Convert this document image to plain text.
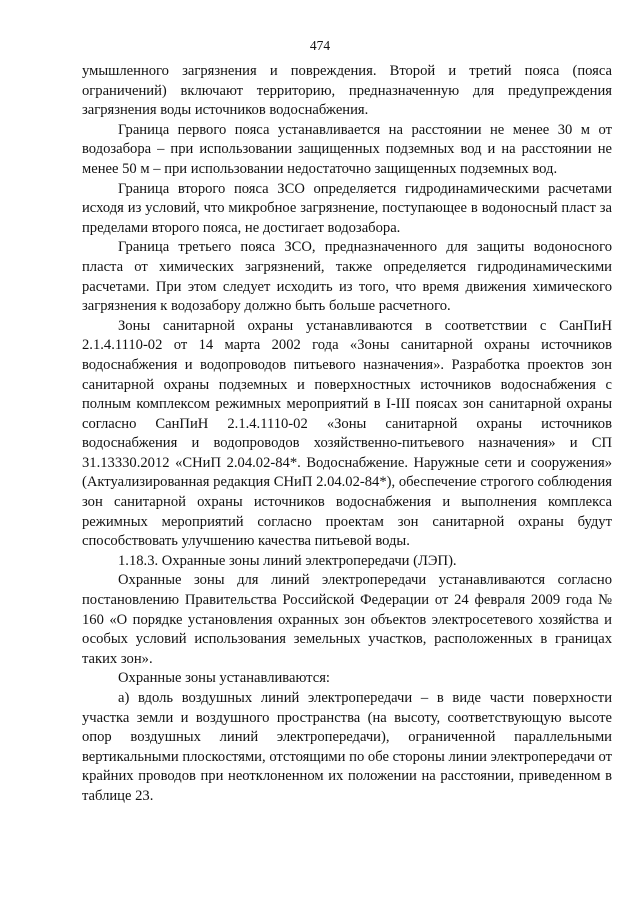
474

умышленного загрязнения и повреждения. Второй и третий пояса (пояса ограничений) включают территорию, предназначенную для предупреждения загрязнения воды источников водоснабжения.

Граница первого пояса устанавливается на расстоянии не менее 30 м от водозабора – при использовании защищенных подземных вод и на расстоянии не менее 50 м – при использовании недостаточно защищенных подземных вод.

Граница второго пояса ЗСО определяется гидродинамическими расчетами исходя из условий, что микробное загрязнение, поступающее в водоносный пласт за пределами второго пояса, не достигает водозабора.

Граница третьего пояса ЗСО, предназначенного для защиты водоносного пласта от химических загрязнений, также определяется гидродинамическими расчетами. При этом следует исходить из того, что время движения химического загрязнения к водозабору должно быть больше расчетного.

Зоны санитарной охраны устанавливаются в соответствии с СанПиН 2.1.4.1110-02 от 14 марта 2002 года «Зоны санитарной охраны источников водоснабжения и водопроводов питьевого назначения». Разработка проектов зон санитарной охраны подземных и поверхностных источников водоснабжения с полным комплексом режимных мероприятий в I-III поясах зон санитарной охраны согласно СанПиН 2.1.4.1110-02 «Зоны санитарной охраны источников водоснабжения и водопроводов хозяйственно-питьевого назначения» и СП 31.13330.2012 «СНиП 2.04.02-84*. Водоснабжение. Наружные сети и сооружения» (Актуализированная редакция СНиП 2.04.02-84*), обеспечение строгого соблюдения зон санитарной охраны источников водоснабжения и выполнения комплекса режимных мероприятий согласно проектам зон санитарной охраны будут способствовать улучшению качества питьевой воды.

1.18.3. Охранные зоны линий электропередачи (ЛЭП).

Охранные зоны для линий электропередачи устанавливаются согласно постановлению Правительства Российской Федерации от 24 февраля 2009 года № 160 «О порядке установления охранных зон объектов электросетевого хозяйства и особых условий использования земельных участков, расположенных в границах таких зон».

Охранные зоны устанавливаются:

а) вдоль воздушных линий электропередачи – в виде части поверхности участка земли и воздушного пространства (на высоту, соответствующую высоте опор воздушных линий электропередачи), ограниченной параллельными вертикальными плоскостями, отстоящими по обе стороны линии электропередачи от крайних проводов при неотклоненном их положении на расстоянии, приведенном в таблице 23.
